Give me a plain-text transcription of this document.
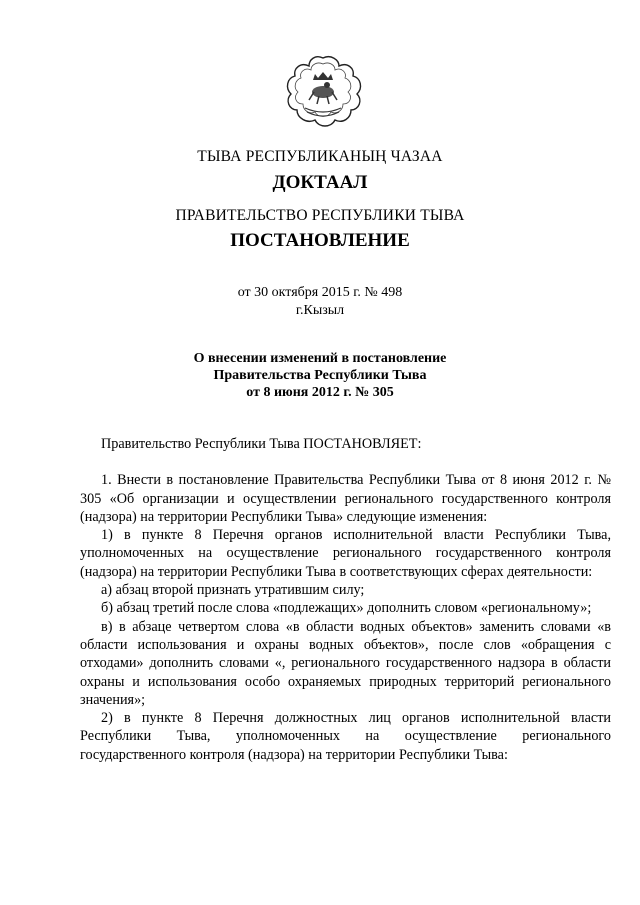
ТЫВА РЕСПУБЛИКАНЫҢ ЧАЗАА
ДОКТААЛ
ПРАВИТЕЛЬСТВО РЕСПУБЛИКИ ТЫВА
ПОСТАНОВЛЕНИЕ
от 30 октября 2015 г. № 498
г.Кызыл
О внесении изменений в постановление
Правительства Республики Тыва
от 8 июня 2012 г. № 305

Правительство Республики Тыва ПОСТАНОВЛЯЕТ:

1. Внести в постановление Правительства Республики Тыва от 8 июня 2012 г. № 305 «Об организации и осуществлении регионального государственного контроля (надзора) на территории Республики Тыва» следующие изменения:

1) в пункте 8 Перечня органов исполнительной власти Республики Тыва, уполномоченных на осуществление регионального государственного контроля (надзора) на территории Республики Тыва в соответствующих сферах деятельности:

а) абзац второй признать утратившим силу;

б) абзац третий после слова «подлежащих» дополнить словом «региональному»;

в) в абзаце четвертом слова «в области водных объектов» заменить словами «в области использования и охраны водных объектов», после слов «обращения с отходами» дополнить словами «, регионального государственного надзора в области охраны и использования особо охраняемых природных территорий регионального значения»;

2) в пункте 8 Перечня должностных лиц органов исполнительной власти Республики Тыва, уполномоченных на осуществление регионального государственного контроля (надзора) на территории Республики Тыва:
